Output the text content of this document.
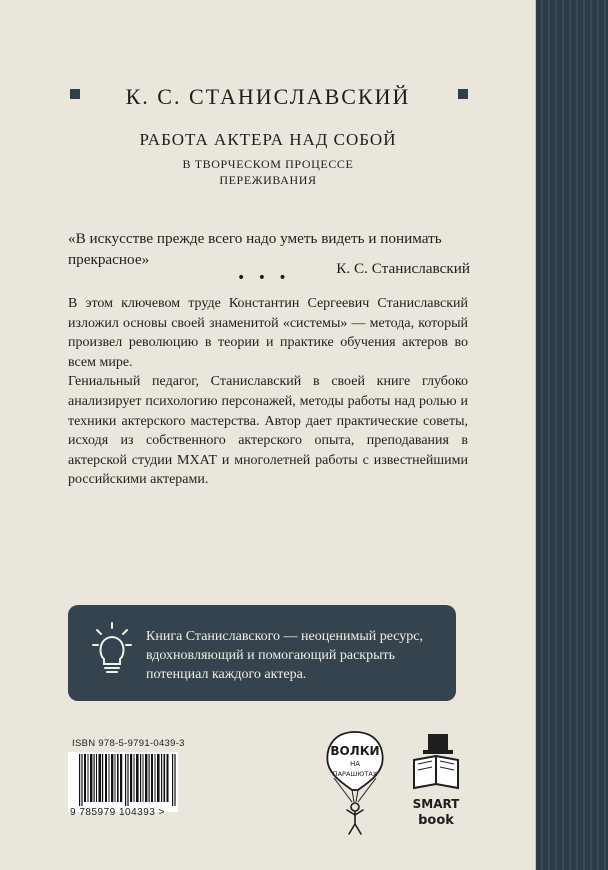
К. С. СТАНИСЛАВСКИЙ
РАБОТА АКТЕРА НАД СОБОЙ
В ТВОРЧЕСКОМ ПРОЦЕССЕ
ПЕРЕЖИВАНИЯ

«В искусстве прежде всего надо уметь видеть и понимать прекрасное»

К. С. Станиславский
• • •

В этом ключевом труде Константин Сергеевич Станиславский изложил основы своей знаменитой «системы» — метода, который произвел революцию в теории и практике обучения актеров во всем мире.

Гениальный педагог, Станиславский в своей книге глубоко анализирует психологию персонажей, методы работы над ролью и техники актерского мастерства. Автор дает практические советы, исходя из собственного актерского опыта, преподавания в актерской студии МХАТ и многолетней работы с известнейшими российскими актерами.

Книга Станиславского — неоценимый ресурс, вдохновляющий и помогающий раскрыть потенциал каждого актера.
ISBN 978-5-9791-0439-3
9 785979 104393 >
ВОЛКИ
НА
ПАРАШЮТАХ
SMART
book
